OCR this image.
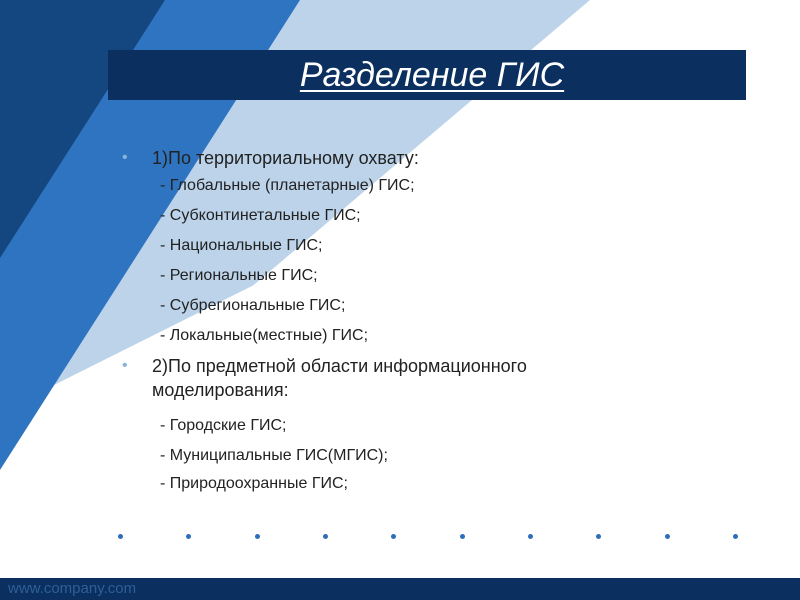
Разделение ГИС
• 1)По территориальному охвату:
- Глобальные (планетарные) ГИС;
- Субконтинетальные ГИС;
- Национальные ГИС;
- Региональные ГИС;
- Субрегиональные ГИС;
- Локальные(местные) ГИС;
• 2)По предметной области информационного
моделирования:
- Городские ГИС;
- Муниципальные ГИС(МГИС);
- Природоохранные ГИС;
www.company.com
